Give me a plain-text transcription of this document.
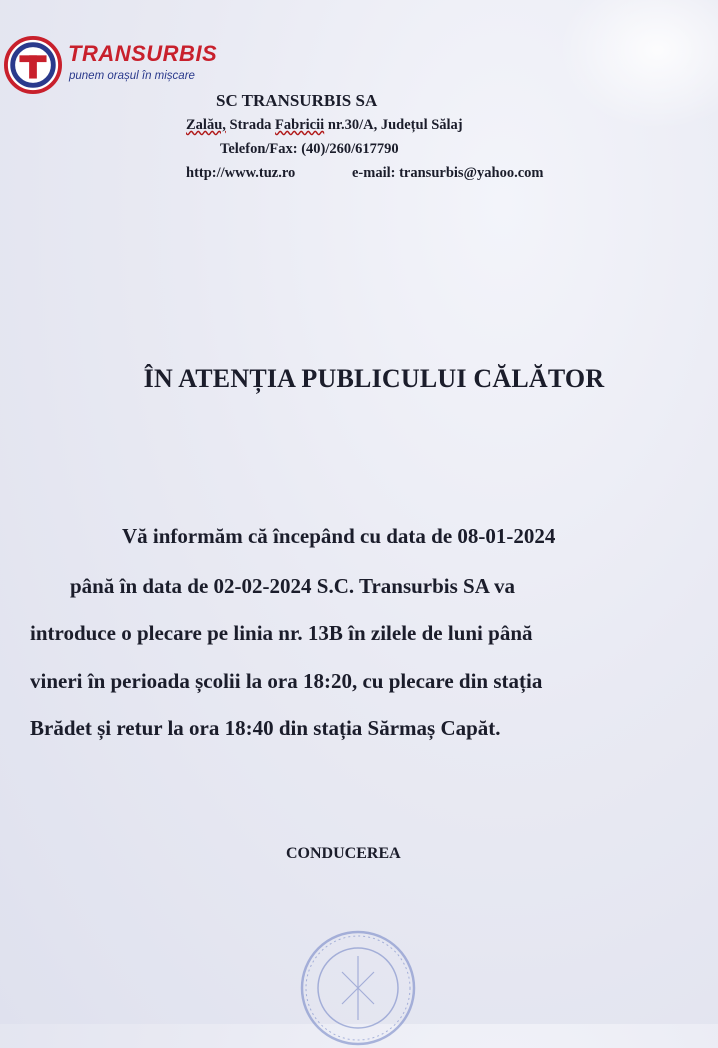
TRANSURBIS
punem orașul în mișcare
SC TRANSURBIS SA
Zalău, Strada Fabricii nr.30/A, Județul Sălaj
Telefon/Fax: (40)/260/617790
http://www.tuz.ro	e-mail: transurbis@yahoo.com
ÎN ATENȚIA PUBLICULUI CĂLĂTOR
Vă informăm că începând cu data de 08-01-2024
până în data de 02-02-2024 S.C. Transurbis SA va
introduce o plecare pe linia nr. 13B în zilele de luni până
vineri în perioada școlii la ora 18:20, cu plecare din stația
Brădet și retur la ora 18:40 din stația Sărmaș Capăt.
CONDUCEREA
